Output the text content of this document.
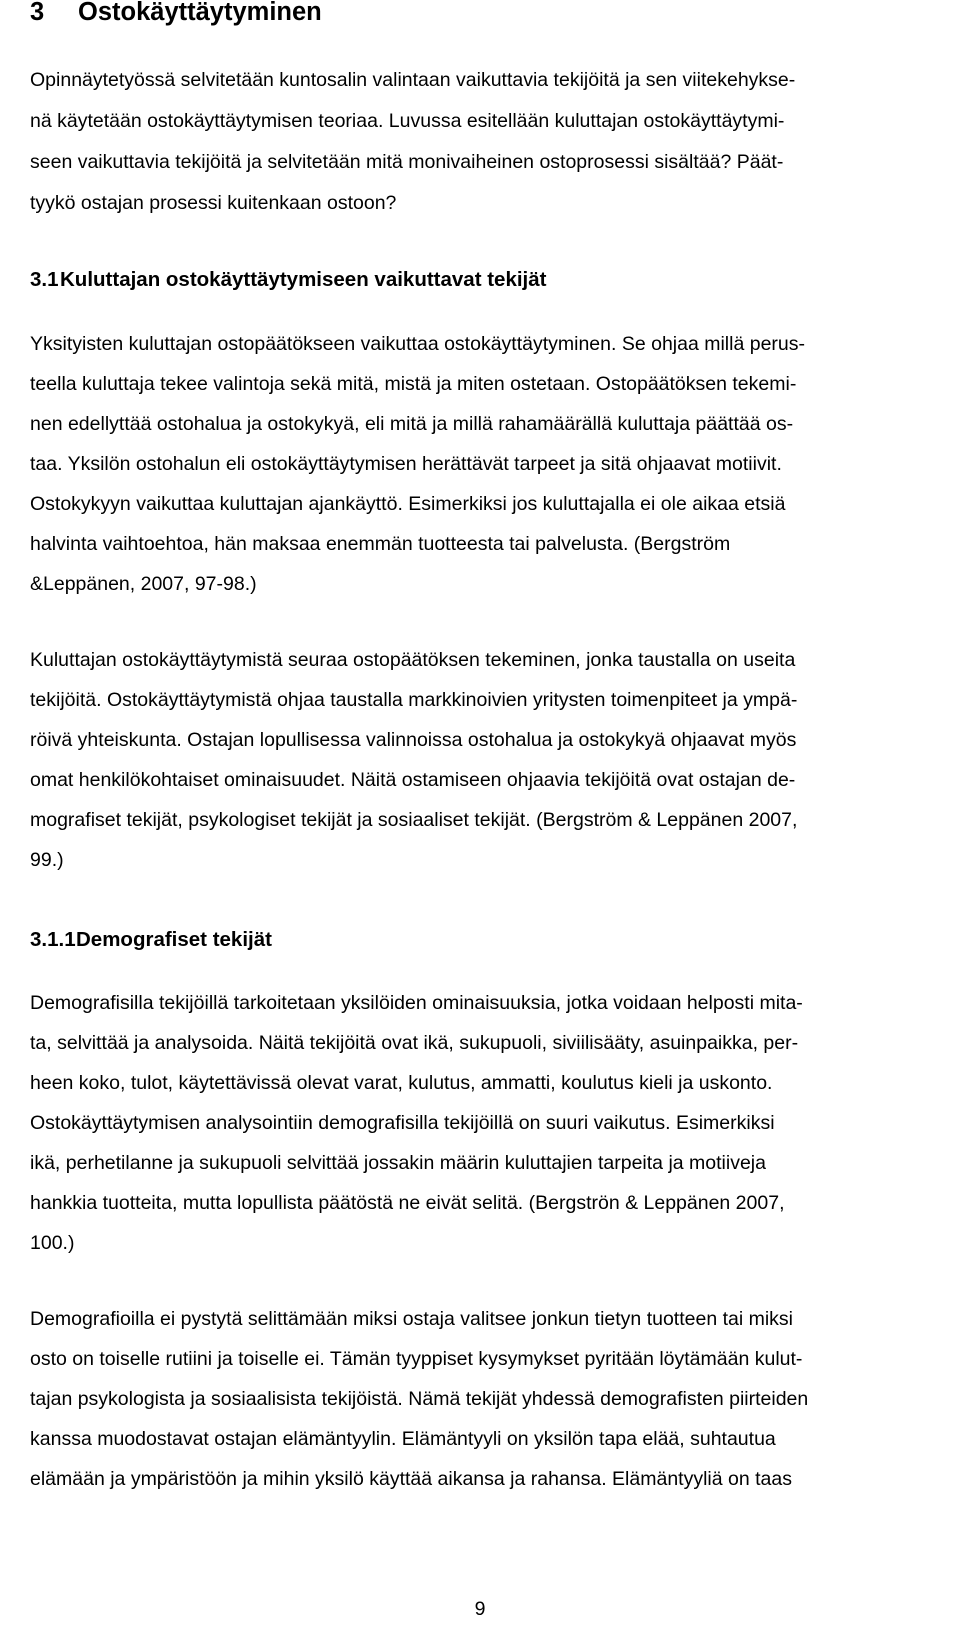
3 Ostokäyttäytyminen

Opinnäytetyössä selvitetään kuntosalin valintaan vaikuttavia tekijöitä ja sen viitekehykse-

nä käytetään ostokäyttäytymisen teoriaa. Luvussa esitellään kuluttajan ostokäyttäytymi-

seen vaikuttavia tekijöitä ja selvitetään mitä monivaiheinen ostoprosessi sisältää? Päät-

tyykö ostajan prosessi kuitenkaan ostoon?

3.1Kuluttajan ostokäyttäytymiseen vaikuttavat tekijät

Yksityisten kuluttajan ostopäätökseen vaikuttaa ostokäyttäytyminen. Se ohjaa millä perus-

teella kuluttaja tekee valintoja sekä mitä, mistä ja miten ostetaan. Ostopäätöksen tekemi-

nen edellyttää ostohalua ja ostokykyä, eli mitä ja millä rahamäärällä kuluttaja päättää os-

taa. Yksilön ostohalun eli ostokäyttäytymisen herättävät tarpeet ja sitä ohjaavat motiivit.

Ostokykyyn vaikuttaa kuluttajan ajankäyttö. Esimerkiksi jos kuluttajalla ei ole aikaa etsiä

halvinta vaihtoehtoa, hän maksaa enemmän tuotteesta tai palvelusta. (Bergström

&Leppänen, 2007, 97-98.)

Kuluttajan ostokäyttäytymistä seuraa ostopäätöksen tekeminen, jonka taustalla on useita

tekijöitä. Ostokäyttäytymistä ohjaa taustalla markkinoivien yritysten toimenpiteet ja ympä-

röivä yhteiskunta. Ostajan lopullisessa valinnoissa ostohalua ja ostokykyä ohjaavat myös

omat henkilökohtaiset ominaisuudet. Näitä ostamiseen ohjaavia tekijöitä ovat ostajan de-

mografiset tekijät, psykologiset tekijät ja sosiaaliset tekijät. (Bergström & Leppänen 2007,

99.)

3.1.1Demografiset tekijät

Demografisilla tekijöillä tarkoitetaan yksilöiden ominaisuuksia, jotka voidaan helposti mita-

ta, selvittää ja analysoida. Näitä tekijöitä ovat ikä, sukupuoli, siviilisääty, asuinpaikka, per-

heen koko, tulot, käytettävissä olevat varat, kulutus, ammatti, koulutus kieli ja uskonto.

Ostokäyttäytymisen analysointiin demografisilla tekijöillä on suuri vaikutus. Esimerkiksi

ikä, perhetilanne ja sukupuoli selvittää jossakin määrin kuluttajien tarpeita ja motiiveja

hankkia tuotteita, mutta lopullista päätöstä ne eivät selitä. (Bergströn & Leppänen 2007,

100.)

Demografioilla ei pystytä selittämään miksi ostaja valitsee jonkun tietyn tuotteen tai miksi

osto on toiselle rutiini ja toiselle ei. Tämän tyyppiset kysymykset pyritään löytämään kulut-

tajan psykologista ja sosiaalisista tekijöistä. Nämä tekijät yhdessä demografisten piirteiden

kanssa muodostavat ostajan elämäntyylin. Elämäntyyli on yksilön tapa elää, suhtautua

elämään ja ympäristöön ja mihin yksilö käyttää aikansa ja rahansa. Elämäntyyliä on taas

9
